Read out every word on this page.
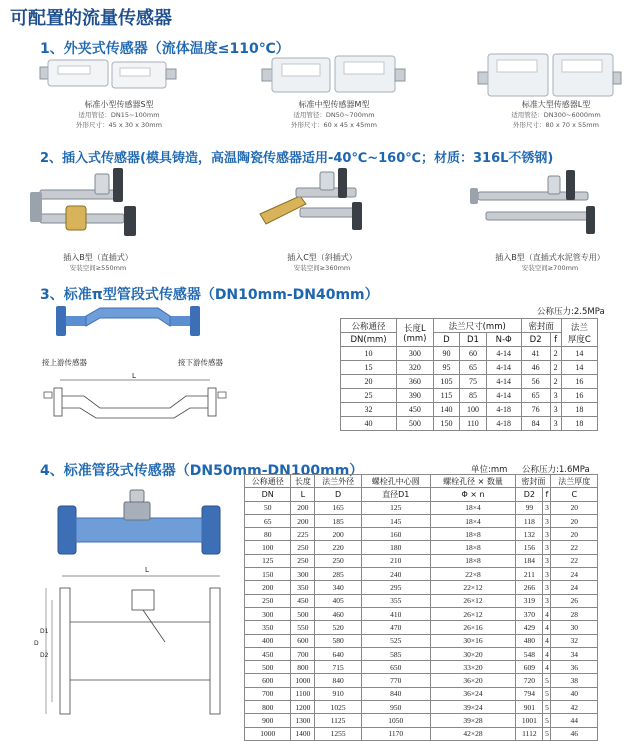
可配置的流量传感器
1、外夹式传感器（流体温度≤110℃）
标准小型传感器S型
适用管径：DN15~100mm
外形尺寸：45 x 30 x 30mm
标准中型传感器M型
适用管径：DN50~700mm
外形尺寸：60 x 45 x 45mm
标准大型传感器L型
适用管径：DN300~6000mm
外形尺寸：80 x 70 x 55mm
2、插入式传感器(模具铸造，高温陶瓷传感器适用-40℃~160℃；材质：316L不锈钢)
插入B型（直插式）
安装空间≥550mm
插入C型（斜插式）
安装空间≥360mm
插入B型（直插式水泥管专用）
安装空间≥700mm
3、标准π型管段式传感器（DN10mm-DN40mm）
接上游传感器	接下游传感器
L
公称压力:2.5MPa
公称通径	长度L
(mm)	法兰尺寸(mm)			密封面		法兰
厚度C
DN(mm)		D	D1	N-Φ	D2	f	
10	300	90	60	4-14	41	2	14
15	320	95	65	4-14	46	2	14
20	360	105	75	4-14	56	2	16
25	390	115	85	4-14	65	3	16
32	450	140	100	4-18	76	3	18
40	500	150	110	4-18	84	3	18
4、标准管段式传感器（DN50mm-DN100mm）	单位:mm 公称压力:1.6MPa
L
D
D1
D2
公称通径	长度	法兰外径	螺栓孔中心圆	螺栓孔径 × 数量	密封面		法兰厚度
DN	L	D	直径D1	Φ × n	D2	f	C
50	200	165	125	18×4	99	3	20
65	200	185	145	18×4	118	3	20
80	225	200	160	18×8	132	3	20
100	250	220	180	18×8	156	3	22
125	250	250	210	18×8	184	3	22
150	300	285	240	22×8	211	3	24
200	350	340	295	22×12	266	3	24
250	450	405	355	26×12	319	3	26
300	500	460	410	26×12	370	4	28
350	550	520	470	26×16	429	4	30
400	600	580	525	30×16	480	4	32
450	700	640	585	30×20	548	4	34
500	800	715	650	33×20	609	4	36
600	1000	840	770	36×20	720	5	38
700	1100	910	840	36×24	794	5	40
800	1200	1025	950	39×24	901	5	42
900	1300	1125	1050	39×28	1001	5	44
1000	1400	1255	1170	42×28	1112	5	46
